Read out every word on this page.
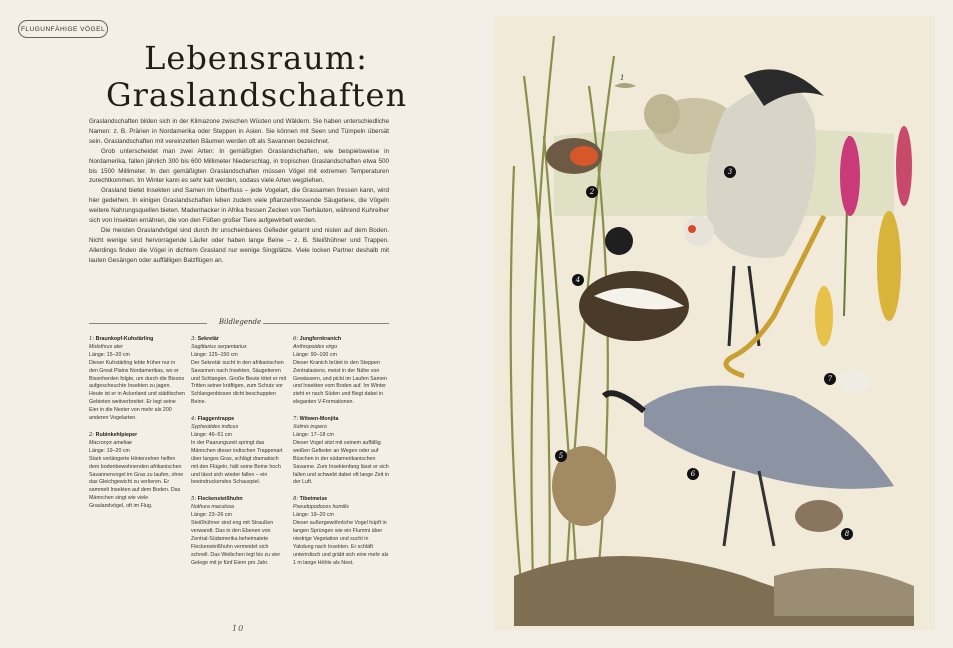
FLUGUNFÄHIGE VÖGEL
Lebensraum:
Graslandschaften

Graslandschaften bilden sich in der Klimazone zwischen Wüsten und Wäldern. Sie haben unterschiedliche Namen: z. B. Prärien in Nordamerika oder Steppen in Asien. Sie können mit Seen und Tümpeln übersät sein. Graslandschaften mit vereinzelten Bäumen werden oft als Savannen bezeichnet.

Grob unterscheidet man zwei Arten: In gemäßigten Graslandschaften, wie beispielsweise in Nordamerika, fallen jährlich 300 bis 600 Millimeter Niederschlag, in tropischen Graslandschaften etwa 500 bis 1500 Millimeter. In den gemäßigten Graslandschaften müssen Vögel mit extremen Temperaturen zurechtkommen. Im Winter kann es sehr kalt werden, sodass viele Arten wegziehen.

Grasland bietet Insekten und Samen im Überfluss – jede Vogelart, die Grassamen fressen kann, wird hier gedeihen. In einigen Graslandschaften leben zudem viele pflanzenfressende Säugetiere, die Vögeln weitere Nahrungsquellen bieten. Madenhacker in Afrika fressen Zecken von Tierhäuten, während Kuhreiher sich von Insekten ernähren, die von den Füßen großer Tiere aufgewirbelt werden.

Die meisten Graslandvögel sind durch ihr unscheinbares Gefieder getarnt und nisten auf dem Boden. Nicht wenige sind hervorragende Läufer oder haben lange Beine – z. B. Steißhühner und Trappen. Allerdings finden die Vögel in dichtem Grasland nur wenige Singplätze. Viele locken Partner deshalb mit lauten Gesängen oder auffälligen Balzflügen an.

Bildlegende
1: Braunkopf-Kuhstärling
Molothrus ater
Länge: 15–20 cm
Dieser Kuhstärling lebte früher nur in den Great Plains Nordamerikas, wo er Bisonherden folgte, um durch die Bisons aufgescheuchte Insekten zu jagen. Heute ist er in Ackerland und städtischen Gebieten weitverbreitet. Er legt seine Eier in die Nester von mehr als 200 anderen Vogelarten.
2: Rubinkehlpieper
Macronyx ameliae
Länge: 19–20 cm
Stark verlängerte Hinterzehen helfen dem bodenbewohnenden afrikanischen Savannenvogel im Gras zu laufen, ohne das Gleichgewicht zu verlieren. Er sammelt Insekten auf dem Boden. Das Männchen singt wie viele Graslandvögel, oft im Flug.
3: Sekretär
Sagittarius serpentarius
Länge: 125–150 cm
Der Sekretär sucht in den afrikanischen Savannen nach Insekten, Säugetieren und Schlangen. Große Beute tötet er mit Tritten seiner kräftigen, zum Schutz vor Schlangenbissen dicht beschuppten Beine.
4: Flaggentrappe
Sypheotides indicus
Länge: 46–51 cm
In der Paarungszeit springt das Männchen dieser indischen Trappenart über langes Gras, schlägt dramatisch mit den Flügeln, hält seine Beine hoch und lässt sich wieder fallen – ein beeindruckendes Schauspiel.
5: Fleckensteißhuhn
Nothura maculosa
Länge: 23–26 cm
Steißhühner sind eng mit Straußen verwandt. Das in den Ebenen von Zentral-Südamerika beheimatete Fleckensteißhuhn vermeidet sich schnell. Das Weibchen legt bis zu vier Gelege mit je fünf Eiern pro Jahr.
6: Jungfernkranich
Anthropoides virgo
Länge: 90–100 cm
Dieser Kranich brütet in den Steppen Zentralasiens, meist in der Nähe von Gewässern, und pickt im Laufen Samen und Insekten vom Boden auf. Im Winter zieht er nach Süden und fliegt dabei in eleganten V-Formationen.
7: Witwen-Monjita
Xolmis irupero
Länge: 17–18 cm
Dieser Vogel sitzt mit seinem auffällig weißen Gefieder an Wegen oder auf Büschen in der südamerikanischen Savanne. Zum Insektenfang lässt er sich fallen und schwebt dabei oft lange Zeit in der Luft.
8: Tibetmeise
Pseudopodoces humilis
Länge: 19–20 cm
Dieser außergewöhnliche Vogel hüpft in langen Sprüngen wie ein Flummi über niedrige Vegetation und sucht in Yakdung nach Insekten. Er schläft unterirdisch und gräbt sich eine mehr als 1 m lange Höhle als Nest.
10
1
2
3
4
5
6
7
8
